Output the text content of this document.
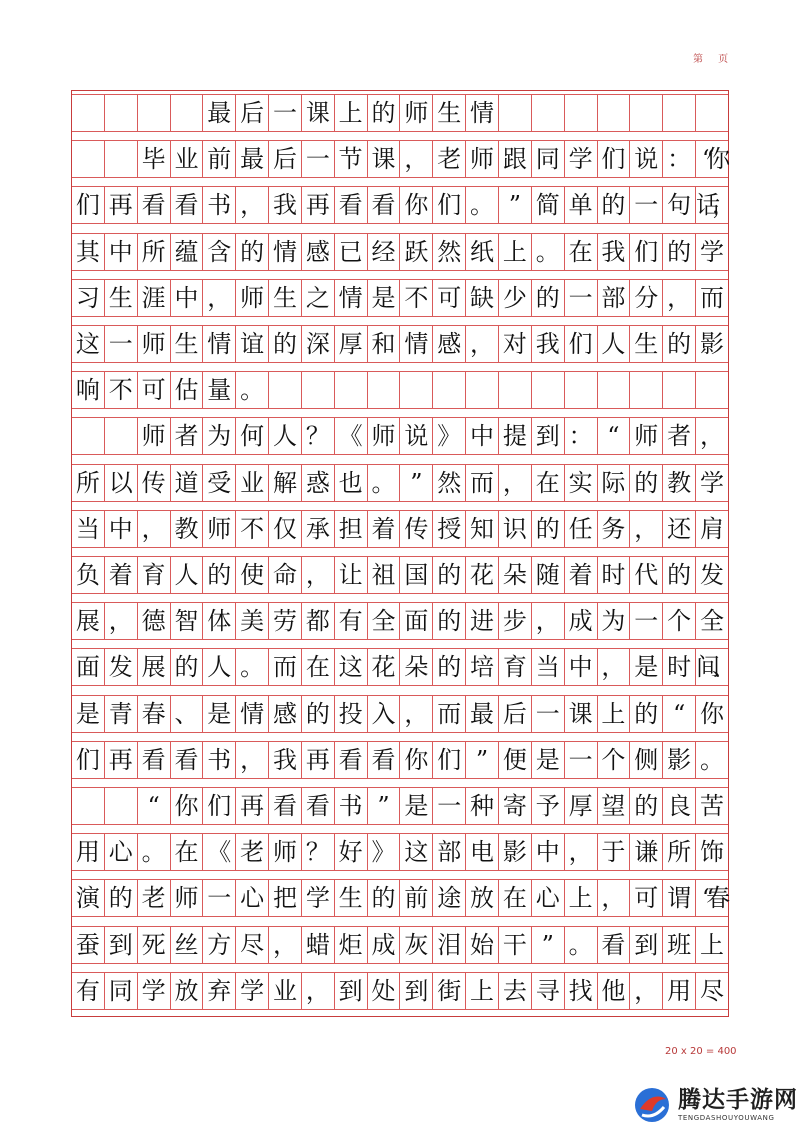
第 页
最 后 一 课 上 的 师 生 情
毕 业 前 最 后 一 节 课 ， 老 师 跟 同 学 们 说 ： “你
们 再 看 看 书 ， 我 再 看 看 你 们 。 ” 简 单 的 一 句 话，
其 中 所 蕴 含 的 情 感 已 经 跃 然 纸 上 。 在 我 们 的 学
习 生 涯 中 ， 师 生 之 情 是 不 可 缺 少 的 一 部 分 ， 而
这 一 师 生 情 谊 的 深 厚 和 情 感 ， 对 我 们 人 生 的 影
响 不 可 估 量 。
师 者 为 何 人 ？ 《 师 说 》 中 提 到 ： “ 师 者 ，
所 以 传 道 受 业 解 惑 也 。 ” 然 而 ， 在 实 际 的 教 学
当 中 ， 教 师 不 仅 承 担 着 传 授 知 识 的 任 务 ， 还 肩
负 着 育 人 的 使 命 ， 让 祖 国 的 花 朵 随 着 时 代 的 发
展 ， 德 智 体 美 劳 都 有 全 面 的 进 步 ， 成 为 一 个 全
面 发 展 的 人 。 而 在 这 花 朵 的 培 育 当 中 ， 是 时 间、
是 青 春 、 是 情 感 的 投 入 ， 而 最 后 一 课 上 的 “ 你
们 再 看 看 书 ， 我 再 看 看 你 们 ” 便 是 一 个 侧 影 。
“ 你 们 再 看 看 书 ” 是 一 种 寄 予 厚 望 的 良 苦
用 心 。 在 《 老 师 ？ 好 》 这 部 电 影 中 ， 于 谦 所 饰
演 的 老 师 一 心 把 学 生 的 前 途 放 在 心 上 ， 可 谓 “春
蚕 到 死 丝 方 尽 ， 蜡 炬 成 灰 泪 始 干 ” 。 看 到 班 上
有 同 学 放 弃 学 业 ， 到 处 到 街 上 去 寻 找 他 ， 用 尽
20 x 20 = 400
腾达手游网
TENGDASHOUYOUWANG
